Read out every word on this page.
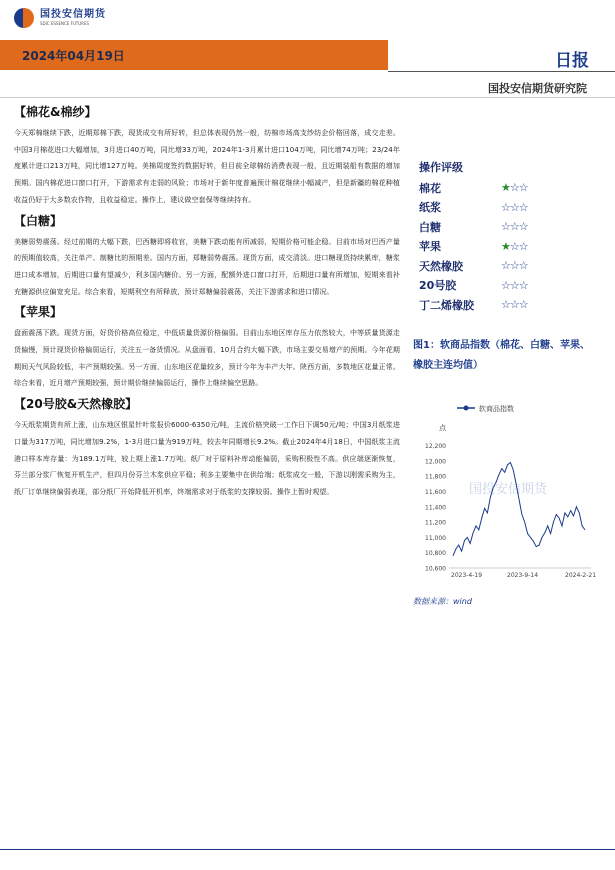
国投安信期货
SDIC ESSENCE FUTURES
2024年04月19日	日报
国投安信期货研究院
【棉花&棉纱】

今天郑棉继续下跌，近期郑棉下跌，现货成交有所好转，但总体表现仍然一般，纺棉市场高支纱纺企价格回落，成交走差。中国3月棉花进口大幅增加，3月进口40万吨，同比增33万吨，2024年1-3月累计进口104万吨，同比增74万吨；23/24年度累计进口213万吨，同比增127万吨。美棉周度签约数据好转，但目前全球棉纺消费表现一般，且近期装船有数据的增加预期。国内棉花进口窗口打开，下游需求有走弱的风险；市场对于新年度普遍预计棉花继续小幅减产，但是新疆的棉花种植收益仍好于大多数农作物，且收益稳定。操作上，建议做空套保等继续持有。

【白糖】

美糖弱势震荡。经过前期的大幅下跌，巴西糖即将收官，美糖下跌动能有所减弱，短期价格可能企稳。目前市场对巴西产量的预期值较高，关注单产、制糖比的预期差。国内方面，郑糖弱势震荡。现货方面，成交清淡。进口糖现货持续累库，糖浆进口成本增加，后期进口量有望减少，利多国内糖价。另一方面，配额外进口窗口打开，后期进口量有所增加，短期来看补充糖源供应偏宽充足。综合来看，短期利空有所释放，预计郑糖偏弱震荡，关注下游需求和进口情况。

【苹果】

盘面震荡下跌。现货方面，好货价格高位稳定，中低质量货源价格偏弱。目前山东地区库存压力依然较大，中等质量货源走货偏慢，预计现货价格偏弱运行，关注五一备货情况。从盘面看，10月合约大幅下跌，市场主要交易增产的预期。今年花期期间天气风险较低，丰产预期较强。另一方面，山东地区花量较多，预计今年为丰产大年。陕西方面，多数地区花量正常。综合来看，近月增产预期较强，预计期价继续偏弱运行，操作上继续偏空思路。

【20号胶&天然橡胶】

今天纸浆期货有所上涨，山东地区银星针叶浆报价6000-6350元/吨，主流价格突破一工作日下调50元/吨；中国3月纸浆进口量为317万吨，同比增加9.2%，1-3月进口量为919万吨，较去年同期增长9.2%。截止2024年4月18日，中国纸浆主流港口样本库存量：为189.1万吨，较上期上涨1.7万吨。纸厂对于原料补库动能偏弱，采购积极性不高。供应端逐渐恢复，芬兰部分浆厂恢复开机生产，但四月份芬兰木浆供应平稳；利多主要集中在供给端；纸浆成交一般，下游以刚需采购为主，纸厂订单继续偏弱表现，部分纸厂开始降低开机率，终端需求对于纸浆的支撑较弱。操作上暂时观望。

操作评级
棉花	★☆☆
纸浆	☆☆☆
白糖	☆☆☆
苹果	★☆☆
天然橡胶	☆☆☆
20号胶	☆☆☆
丁二烯橡胶	☆☆☆
图1：软商品指数（棉花、白糖、苹果、橡胶主连均值）
软商品指数
点
国投安信期货
10,600
10,800
11,000
11,200
11,400
11,600
11,800
12,000
12,200
2023-4-19	2023-9-14	2024-2-21
数据来源：wind
